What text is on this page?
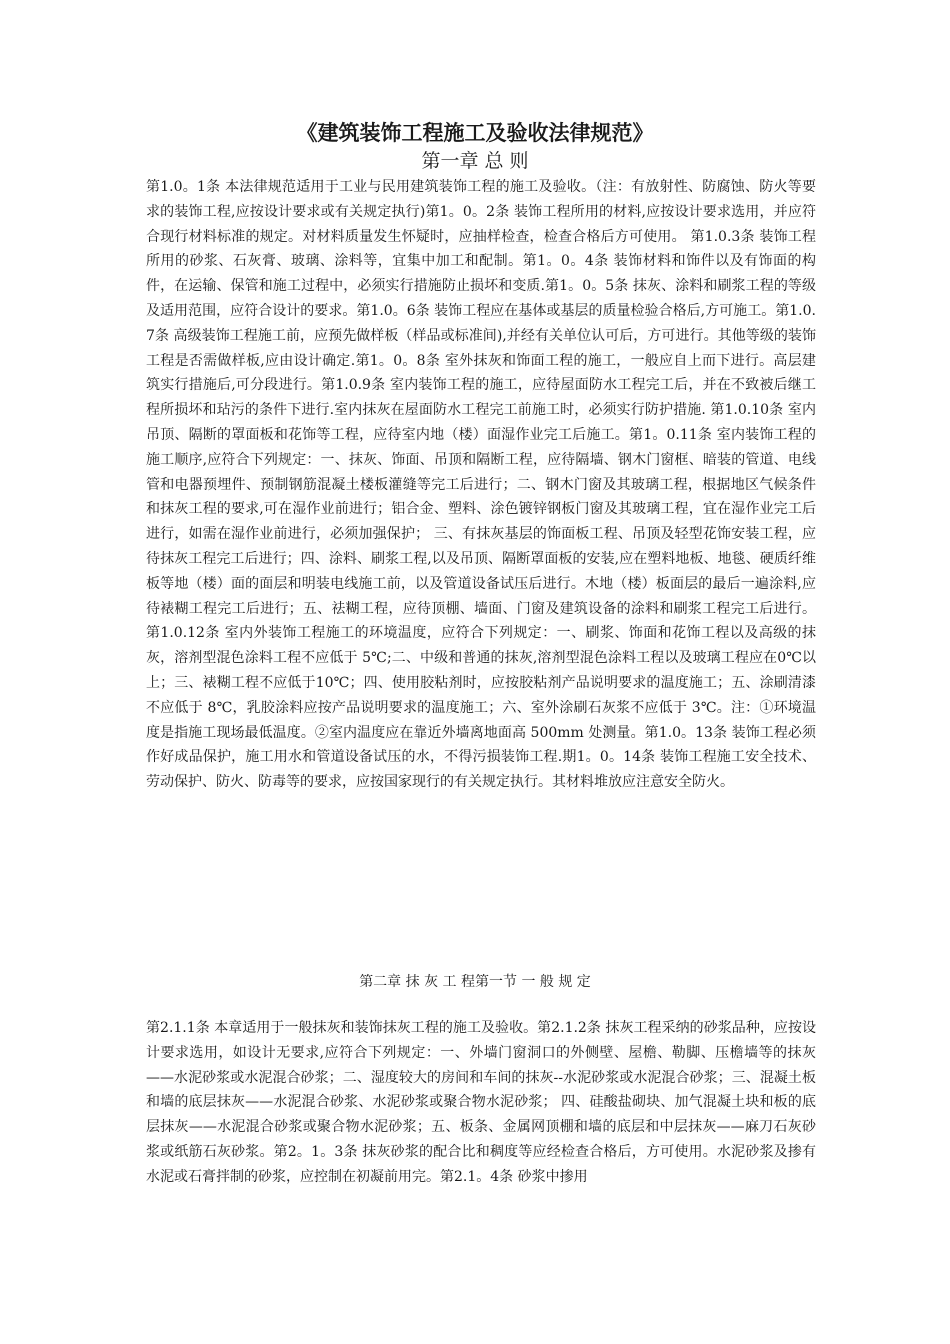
《建筑装饰工程施工及验收法律规范》
第一章 总 则

第1.0。1条 本法律规范适用于工业与民用建筑装饰工程的施工及验收。（注：有放射性、防腐蚀、防火等要求的装饰工程,应按设计要求或有关规定执行)第1。0。2条 装饰工程所用的材料,应按设计要求选用，并应符合现行材料标准的规定。对材料质量发生怀疑时，应抽样检查，检查合格后方可使用。 第1.0.3条 装饰工程所用的砂浆、石灰膏、玻璃、涂料等，宜集中加工和配制。第1。0。4条 装饰材料和饰件以及有饰面的构件，在运输、保管和施工过程中，必须实行措施防止损坏和变质.第1。0。5条 抹灰、涂料和刷浆工程的等级及适用范围，应符合设计的要求。第1.0。6条 装饰工程应在基体或基层的质量检验合格后,方可施工。第1.0.7条 高级装饰工程施工前，应预先做样板（样品或标准间),并经有关单位认可后，方可进行。其他等级的装饰工程是否需做样板,应由设计确定.第1。0。8条 室外抹灰和饰面工程的施工，一般应自上而下进行。高层建筑实行措施后,可分段进行。第1.0.9条 室内装饰工程的施工，应待屋面防水工程完工后，并在不致被后继工程所损坏和玷污的条件下进行.室内抹灰在屋面防水工程完工前施工时，必须实行防护措施. 第1.0.10条 室内吊顶、隔断的罩面板和花饰等工程，应待室内地（楼）面湿作业完工后施工。第1。0.11条 室内装饰工程的施工顺序,应符合下列规定：一、抹灰、饰面、吊顶和隔断工程，应待隔墙、钢木门窗框、暗装的管道、电线管和电器预埋件、预制钢筋混凝土楼板灌缝等完工后进行；二、钢木门窗及其玻璃工程，根据地区气候条件和抹灰工程的要求,可在湿作业前进行；铝合金、塑料、涂色镀锌钢板门窗及其玻璃工程，宜在湿作业完工后进行，如需在湿作业前进行，必须加强保护； 三、有抹灰基层的饰面板工程、吊顶及轻型花饰安装工程，应待抹灰工程完工后进行；四、涂料、刷浆工程,以及吊顶、隔断罩面板的安装,应在塑料地板、地毯、硬质纤维板等地（楼）面的面层和明装电线施工前，以及管道设备试压后进行。木地（楼）板面层的最后一遍涂料,应待裱糊工程完工后进行；五、祛糊工程，应待顶棚、墙面、门窗及建筑设备的涂料和刷浆工程完工后进行。第1.0.12条 室内外装饰工程施工的环境温度，应符合下列规定：一、刷浆、饰面和花饰工程以及高级的抹灰，溶剂型混色涂料工程不应低于 5℃;二、中级和普通的抹灰,溶剂型混色涂料工程以及玻璃工程应在0℃以上；三、裱糊工程不应低于10℃；四、使用胶粘剂时，应按胶粘剂产品说明要求的温度施工；五、涂刷清漆不应低于 8℃，乳胶涂料应按产品说明要求的温度施工；六、室外涂刷石灰浆不应低于 3℃。注：①环境温度是指施工现场最低温度。②室内温度应在靠近外墙离地面高 500mm 处测量。第1.0。13条 装饰工程必须作好成品保护，施工用水和管道设备试压的水，不得污损装饰工程.期1。0。14条 装饰工程施工安全技术、劳动保护、防火、防毒等的要求，应按国家现行的有关规定执行。其材料堆放应注意安全防火。

第二章 抹 灰 工 程第一节 一 般 规 定

第2.1.1条 本章适用于一般抹灰和装饰抹灰工程的施工及验收。第2.1.2条 抹灰工程采纳的砂浆品种，应按设计要求选用，如设计无要求,应符合下列规定：一、外墙门窗洞口的外侧壁、屋檐、勒脚、压檐墙等的抹灰——水泥砂浆或水泥混合砂浆；二、湿度较大的房间和车间的抹灰--水泥砂浆或水泥混合砂浆；三、混凝土板和墙的底层抹灰——水泥混合砂浆、水泥砂浆或聚合物水泥砂浆； 四、硅酸盐砌块、加气混凝土块和板的底层抹灰——水泥混合砂浆或聚合物水泥砂浆；五、板条、金属网顶棚和墙的底层和中层抹灰——麻刀石灰砂浆或纸筋石灰砂浆。第2。1。3条 抹灰砂浆的配合比和稠度等应经检查合格后，方可使用。水泥砂浆及掺有水泥或石膏拌制的砂浆，应控制在初凝前用完。第2.1。4条 砂浆中掺用
